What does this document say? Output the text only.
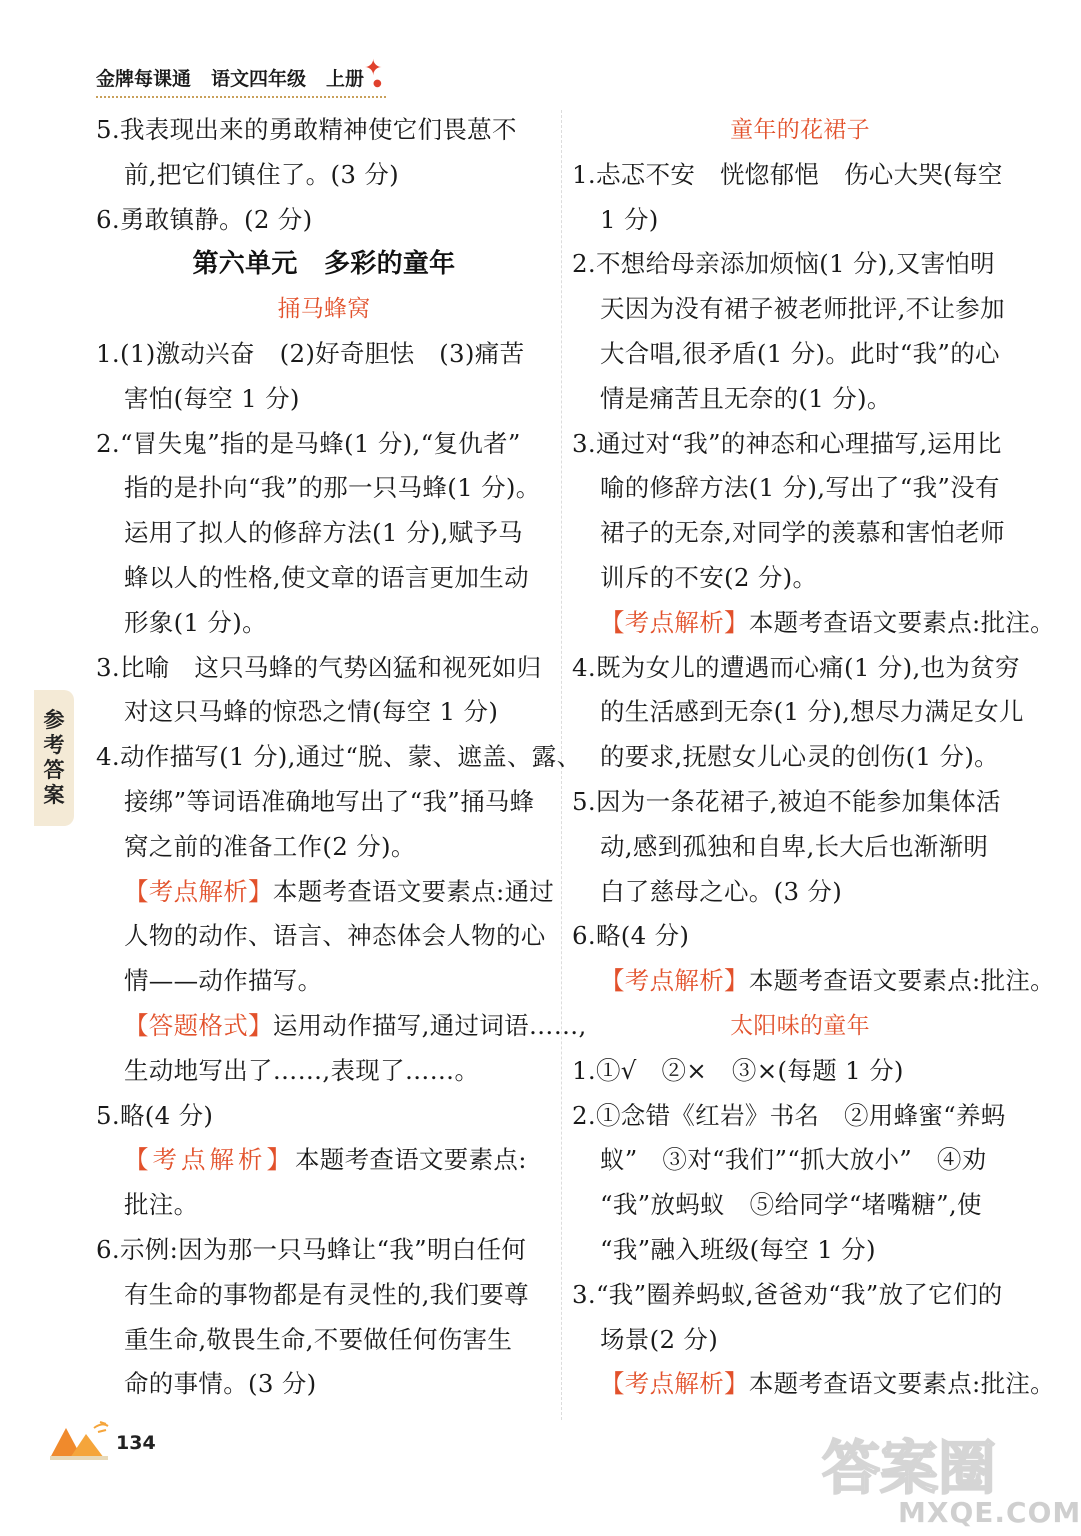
金牌每课通 语文四年级 上册 ✦
●
5.我表现出来的勇敢精神使它们畏葸不
前,把它们镇住了。(3 分)
6.勇敢镇静。(2 分)
第六单元　多彩的童年
捅马蜂窝
1.(1)激动兴奋　(2)好奇胆怯　(3)痛苦
害怕(每空 1 分)
2.“冒失鬼”指的是马蜂(1 分),“复仇者”
指的是扑向“我”的那一只马蜂(1 分)。
运用了拟人的修辞方法(1 分),赋予马
蜂以人的性格,使文章的语言更加生动
形象(1 分)。
3.比喻　这只马蜂的气势凶猛和视死如归
对这只马蜂的惊恐之情(每空 1 分)
4.动作描写(1 分),通过“脱、蒙、遮盖、露、
接绑”等词语准确地写出了“我”捅马蜂
窝之前的准备工作(2 分)。
【考点解析】本题考查语文要素点:通过
人物的动作、语言、神态体会人物的心
情——动作描写。
【答题格式】运用动作描写,通过词语……,
生动地写出了……,表现了……。
5.略(4 分)
【考点解析】本题考查语文要素点:
批注。
6.示例:因为那一只马蜂让“我”明白任何
有生命的事物都是有灵性的,我们要尊
重生命,敬畏生命,不要做任何伤害生
命的事情。(3 分)
童年的花裙子
1.忐忑不安　恍惚郁悒　伤心大哭(每空
1 分)
2.不想给母亲添加烦恼(1 分),又害怕明
天因为没有裙子被老师批评,不让参加
大合唱,很矛盾(1 分)。此时“我”的心
情是痛苦且无奈的(1 分)。
3.通过对“我”的神态和心理描写,运用比
喻的修辞方法(1 分),写出了“我”没有
裙子的无奈,对同学的羡慕和害怕老师
训斥的不安(2 分)。
【考点解析】本题考查语文要素点:批注。
4.既为女儿的遭遇而心痛(1 分),也为贫穷
的生活感到无奈(1 分),想尽力满足女儿
的要求,抚慰女儿心灵的创伤(1 分)。
5.因为一条花裙子,被迫不能参加集体活
动,感到孤独和自卑,长大后也渐渐明
白了慈母之心。(3 分)
6.略(4 分)
【考点解析】本题考查语文要素点:批注。
太阳味的童年
1.①√　②×　③×(每题 1 分)
2.①念错《红岩》书名　②用蜂蜜“养蚂
蚁”　③对“我们”“抓大放小”　④劝
“我”放蚂蚁　⑤给同学“堵嘴糖”,使
“我”融入班级(每空 1 分)
3.“我”圈养蚂蚁,爸爸劝“我”放了它们的
场景(2 分)
【考点解析】本题考查语文要素点:批注。
参
考
答
案
134	答案圈
MXQE.COM
